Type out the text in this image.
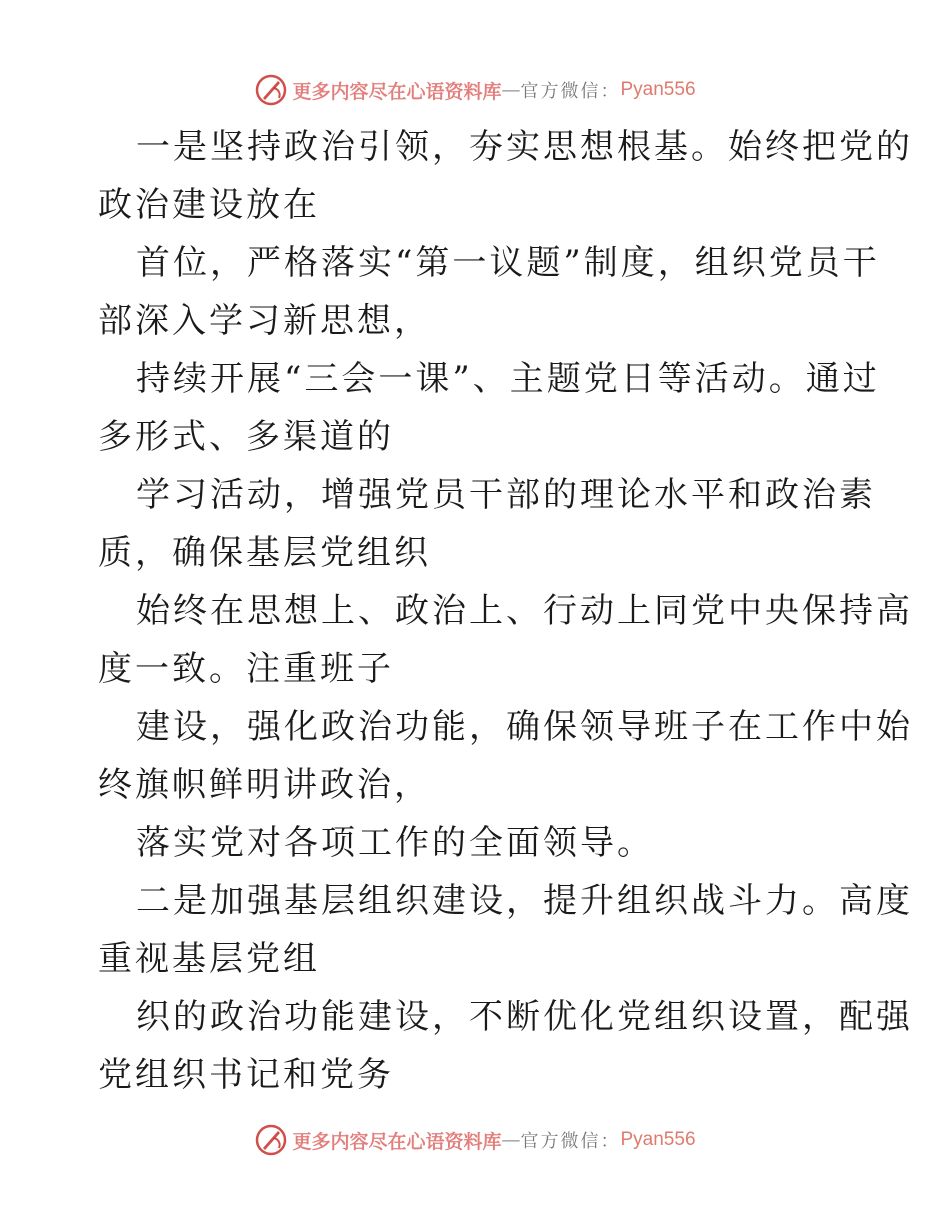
更多内容尽在心语资料库 — 官方微信： Pyan556
一是坚持政治引领，夯实思想根基。始终把党的
政治建设放在
首位，严格落实“第一议题”制度，组织党员干
部深入学习新思想，
持续开展“三会一课”、主题党日等活动。通过
多形式、多渠道的
学习活动，增强党员干部的理论水平和政治素
质，确保基层党组织
始终在思想上、政治上、行动上同党中央保持高
度一致。注重班子
建设，强化政治功能，确保领导班子在工作中始
终旗帜鲜明讲政治，
落实党对各项工作的全面领导。
二是加强基层组织建设，提升组织战斗力。高度
重视基层党组
织的政治功能建设，不断优化党组织设置，配强
党组织书记和党务
更多内容尽在心语资料库 — 官方微信： Pyan556
